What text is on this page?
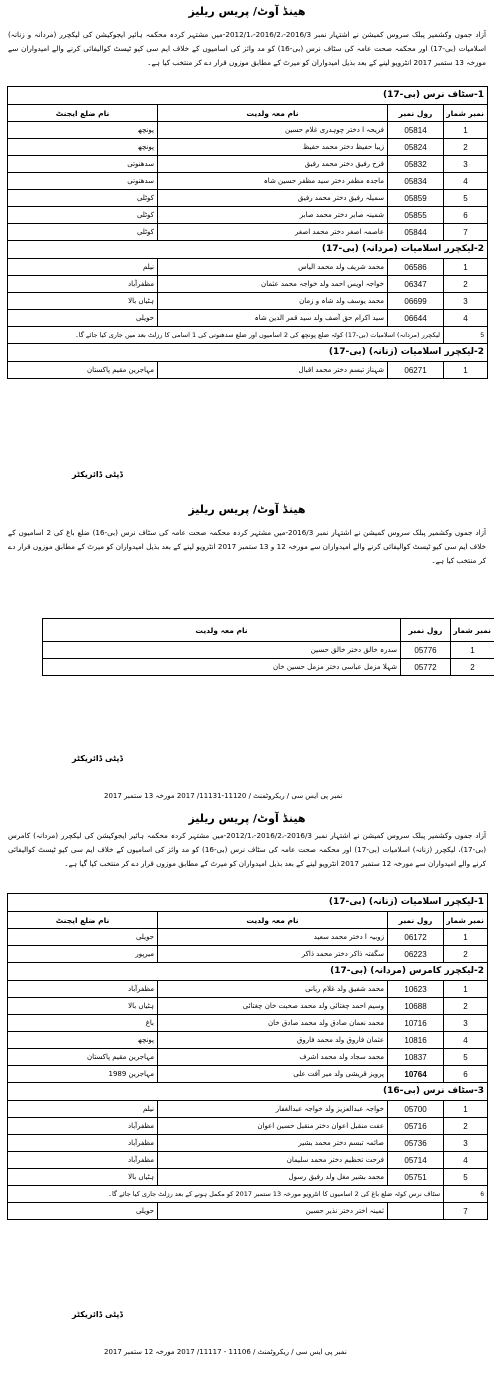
ھینڈ آوٹ/ پریس ریلیز

آزاد جموں وکشمیر پبلک سروس کمیشن نے اشتہار نمبر 2016/3-،2016/2-،2012/1-میں مشتہر کردہ محکمہ ہائیر ایجوکیشن کی لیکچرر (مردانہ و زنانہ) اسلامیات (بی-17) اور محکمہ صحت عامہ کی سٹاف نرس (بی-16) کو مد وائز کی اسامیوں کے خلاف ایم سی کیو ٹیسٹ کوالیفائی کرنے والے امیدواران سے مورخہ 13 ستمبر 2017 انٹرویو لینے کے بعد بذیل امیدواران کو میرٹ کے مطابق موزوں قرار دے کر منتخب کیا ہے۔

1-سٹاف نرس (بی-17)			
نمبر شمار	رول نمبر	نام معہ ولدیت	نام ضلع ایجنٹ
1	05814	فریحہ ا دختر چوہدری غلام حسین	پونچھ
2	05824	زیبا حفیظ دختر محمد حفیظ	پونچھ
3	05832	فرح رفیق دختر محمد رفیق	سدھنوتی
4	05834	ماجدہ مظفر دختر سید مظفر حسین شاہ	سدھنوتی
5	05859	سمیلہ رفیق دختر محمد رفیق	کوٹلی
6	05855	شمینہ صابر دختر محمد صابر	کوٹلی
7	05844	عاصمہ اصغر دختر محمد اصغر	کوٹلی
2-لیکچرر اسلامیات (مردانہ) (بی-17)			
1	06586	محمد شریف ولد محمد الیاس	نیلم
2	06347	خواجہ اویس احمد ولد خواجہ محمد عثمان	مظفرآباد
3	06699	محمد یوسف ولد شاہ و زمان	ہٹیاں بالا
4	06644	سید اکرام حق آصف ولد سید قمر الدین شاہ	حویلی
5	لیکچرر (مردانہ) اسلامیات (بی-17) کوٹہ ضلع پونچھ کی 2 اسامیوں اور ضلع سدھنوتی کی 1 اسامی کا رزلٹ بعد میں جاری کیا جائے گا۔		
2-لیکچرر اسلامیات (زنانہ) (بی-17)			
1	06271	شہناز تبسم دختر محمد اقبال	مہاجرین مقیم پاکستان
ڈپٹی ڈائریکٹر

ھینڈ آوٹ/ پریس ریلیز

آزاد جموں وکشمیر پبلک سروس کمیشن نے اشتہار نمبر 2016/3-میں مشتہر کردہ محکمہ صحت عامہ کی سٹاف نرس (بی-16) ضلع باغ کی 2 اسامیوں کے خلاف ایم سی کیو ٹیسٹ کوالیفائی کرنے والے امیدواران سے مورخہ 12 و 13 ستمبر 2017 انٹرویو لینے کے بعد بذیل امیدواران کو میرٹ کے مطابق موزوں قرار دے کر منتخب کیا ہے۔

نمبر شمار	رول نمبر	نام معہ ولدیت
1	05776	سدرہ خالق دختر خالق حسین
2	05772	شہلا مزمل عباسی دختر مزمل حسین خان
ڈپٹی ڈائریکٹر
نمبر پی ایس سی / ریکروٹمنٹ / 11120-11131/ 2017 مورخہ 13 ستمبر 2017

ھینڈ آوٹ/ پریس ریلیز

آزاد جموں وکشمیر پبلک سروس کمیشن نے اشتہار نمبر 2016/3-،2016/2-،2012/1-میں مشتہر کردہ محکمہ ہائیر ایجوکیشن کی لیکچرر (مردانہ) کامرس (بی-17)، لیکچرر (زنانہ) اسلامیات (بی-17) اور محکمہ صحت عامہ کی سٹاف نرس (بی-16) کو مد وائز کی اسامیوں کے خلاف ایم سی کیو ٹیسٹ کوالیفائی کرنے والے امیدواران سے مورخہ 12 ستمبر 2017 انٹرویو لینے کے بعد بذیل امیدواران کو میرٹ کے مطابق موزوں قرار دے کر منتخب کیا گیا ہے۔

1-لیکچرر اسلامیات (زنانہ) (بی-17)			
نمبر شمار	رول نمبر	نام معہ ولدیت	نام ضلع ایجنٹ
1	06172	زوبیہ ا دختر محمد سعید	حویلی
2	06223	سگفتہ ذاکر دختر محمد ذاکر	میرپور
2-لیکچرر کامرس (مردانہ) (بی-17)			
1	10623	محمد شفیق ولد غلام ربانی	مظفرآباد
2	10688	وسیم احمد چغتائی ولد محمد صحبت خان چغتائی	ہٹیاں بالا
3	10716	محمد نعمان صادق ولد محمد صادق خان	باغ
4	10816	عثمان فاروق ولد محمد فاروق	پونچھ
5	10837	محمد سجاد ولد محمد اشرف	مہاجرین مقیم پاکستان
6	10764	پرویز قریشی ولد میر آفت علی	مہاجرین 1989
3-سٹاف نرس (بی-16)			
1	05700	خواجہ عبدالعزیز ولد خواجہ عبدالغفار	نیلم
2	05716	عفت منقبل اعوان دختر منقبل حسین اعوان	مظفرآباد
3	05736	صائمہ تبسم دختر محمد بشیر	مظفرآباد
4	05714	فرحت تحظیم دختر محمد سلیمان	مظفرآباد
5	05751	محمد بشیر مغل ولد رفیق رسول	ہٹیاں بالا
6	سٹاف نرس کوٹہ ضلع باغ کی 2 اسامیوں کا انٹرویو مورخہ 13 ستمبر 2017 کو مکمل ہونے کے بعد رزلٹ جاری کیا جائے گا۔		
7		ثمینہ اختر دختر نذیر حسین	حویلی
ڈپٹی ڈائریکٹر
نمبر پی ایس سی / ریکروٹمنٹ / 11106 - 11117/ 2017 مورخہ 12 ستمبر 2017
